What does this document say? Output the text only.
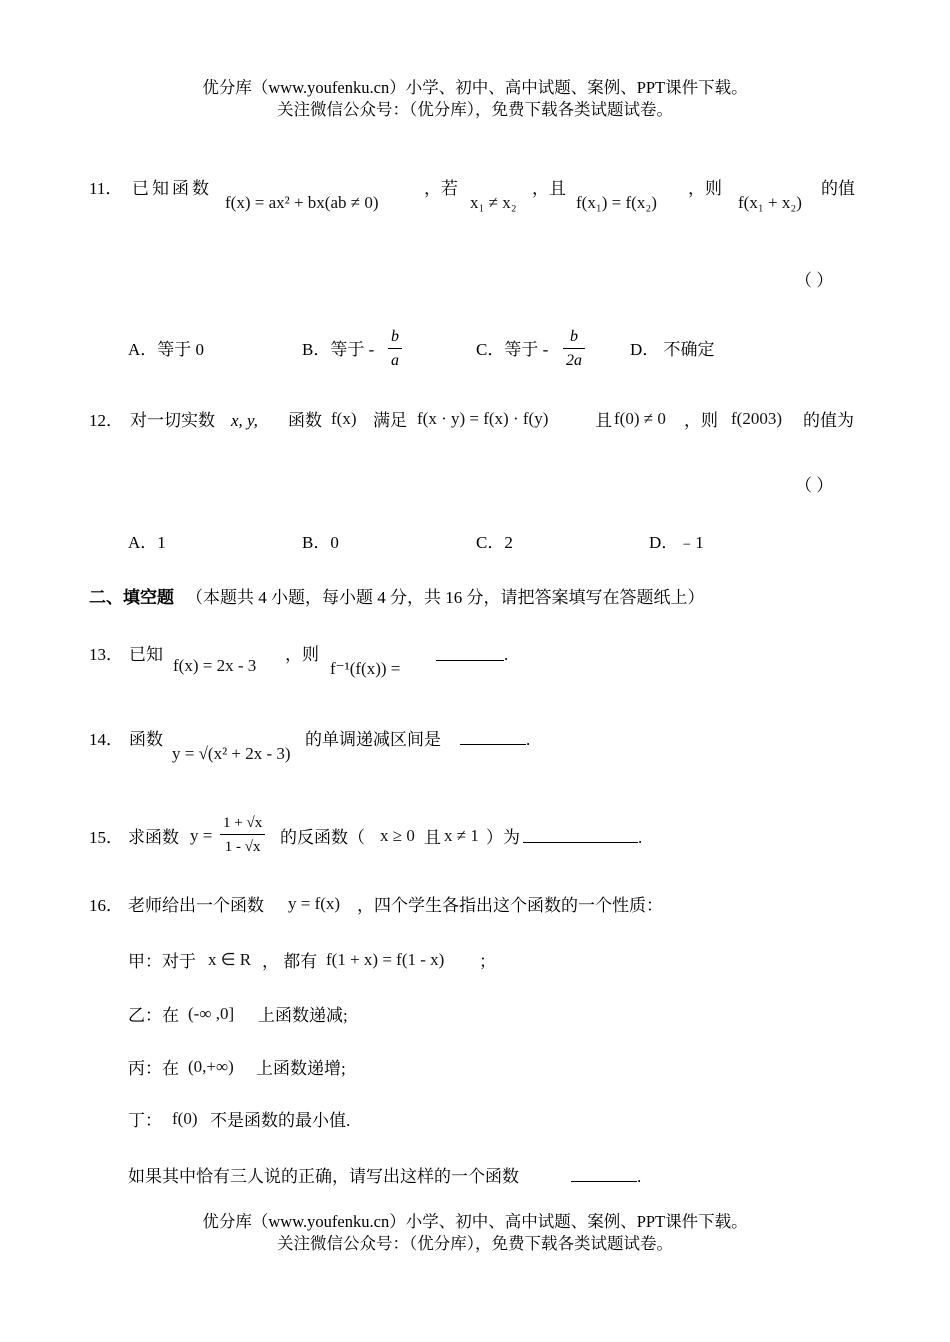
优分库（www.youfenku.cn）小学、初中、高中试题、案例、PPT课件下载。
关注微信公众号：（优分库），免费下载各类试题试卷。
11． 已知函数
f(x) = ax² + bx(ab ≠ 0)
，若
x₁ ≠ x₂
，且
f(x₁) = f(x₂)
，则
f(x₁ + x₂)
的值
（ ）
A．等于 0	B．等于 - $\frac{b}{a}$	C．等于 - $\frac{b}{2a}$	D． 不确定
12． 对一切实数 x, y, 函数 f(x) 满足 f(x · y) = f(x) · f(y)	且 f(0) ≠ 0 ，则 f(2003) 的值为
（ ）
A．1	B．0	C．2	D．﹣1
二、填空题 （本题共 4 小题，每小题 4 分，共 16 分，请把答案填写在答题纸上）
13． 已知
f(x) = 2x - 3
，则
f⁻¹(f(x)) =
.
14． 函数
y = √(x² + 2x - 3)
的单调递减区间是	.
15． 求函数 $y = \frac{1 + √x}{1 - √x}$ 的反函数（ x ≥ 0 且 x ≠ 1 ）为	.
16． 老师给出一个函数 y = f(x) ，四个学生各指出这个函数的一个性质：
甲：对于 x ∈ R ， 都有 f(1 + x) = f(1 - x) ；
乙：在 (-∞ ,0] 上函数递减;
丙：在 (0,+∞) 上函数递增;
丁： f(0) 不是函数的最小值.
如果其中恰有三人说的正确，请写出这样的一个函数	.
优分库（www.youfenku.cn）小学、初中、高中试题、案例、PPT课件下载。
关注微信公众号：（优分库），免费下载各类试题试卷。
